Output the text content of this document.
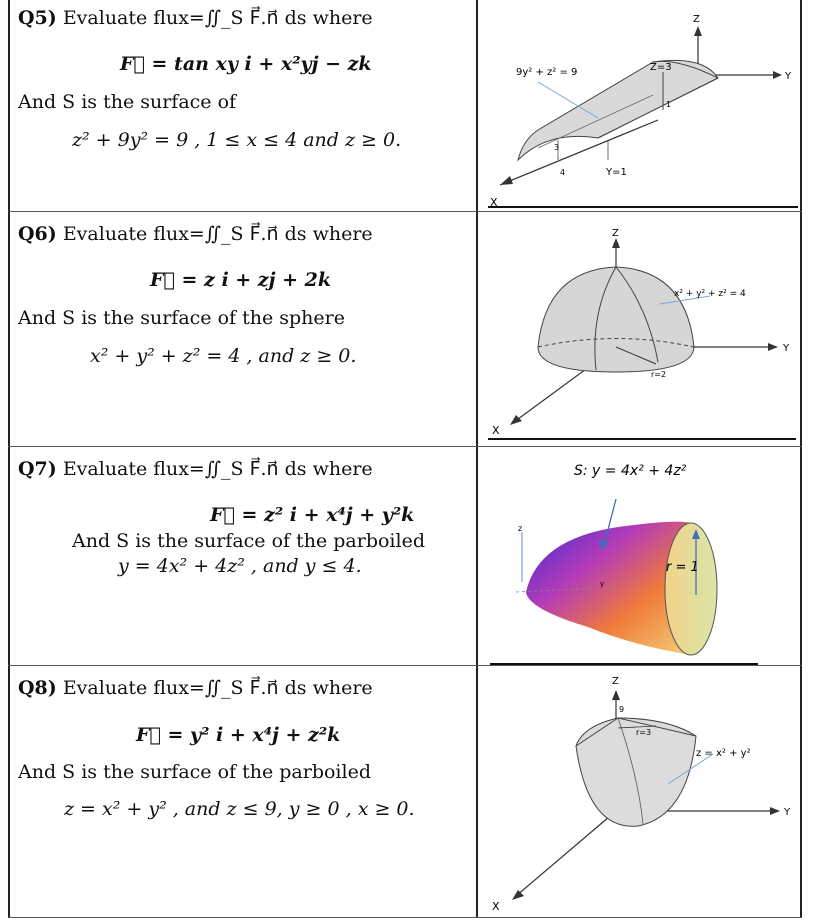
Q5) Evaluate flux=∬_S F⃗.n⃗ ds where
F⃗ = tan xy i + x²yj − zk
And S is the surface of
z² + 9y² = 9 , 1 ≤ x ≤ 4 and z ≥ 0.
9y² + z² = 9	Z=3
Y=1
3
4
1
Z
Y
X
Q6) Evaluate flux=∬_S F⃗.n⃗ ds where
F⃗ = z i + zj + 2k
And S is the surface of the sphere
x² + y² + z² = 4 , and z ≥ 0.
x² + y² + z² = 4
r=2
Z
Y
X
Q7) Evaluate flux=∬_S F⃗.n⃗ ds where
F⃗ = z² i + x⁴j + y²k
And S is the surface of the parboiled
y = 4x² + 4z² , and y ≤ 4.
S: y = 4x² + 4z²
r = 1
z
y
Q8) Evaluate flux=∬_S F⃗.n⃗ ds where
F⃗ = y² i + x⁴j + z²k
And S is the surface of the parboiled
z = x² + y² , and z ≤ 9, y ≥ 0 , x ≥ 0.
z = x² + y²
r=3
9
Z
Y
X
